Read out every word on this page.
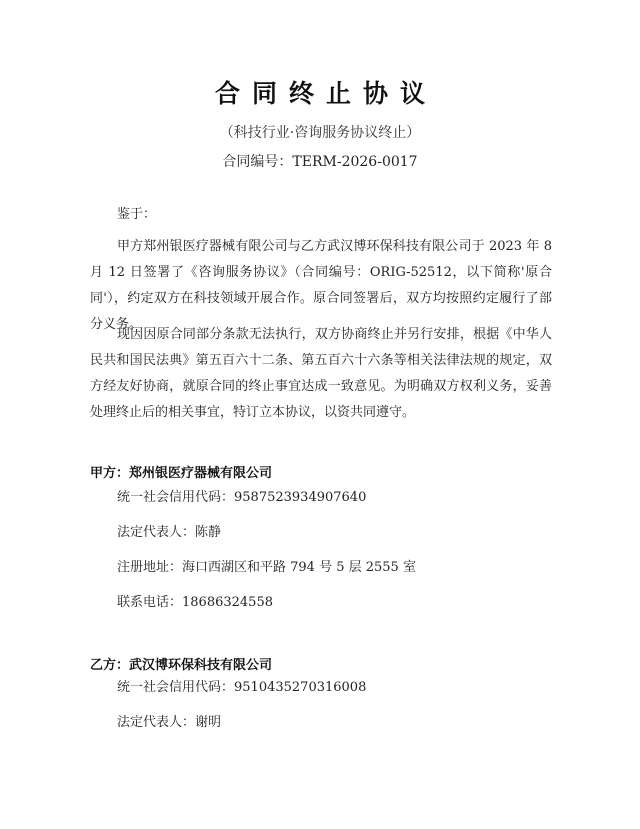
合同终止协议
（科技行业·咨询服务协议终止）
合同编号：TERM-2026-0017
鉴于：
甲方郑州银医疗器械有限公司与乙方武汉博环保科技有限公司于 2023 年 8 月 12 日签署了《咨询服务协议》（合同编号：ORIG-52512，以下简称'原合同'），约定双方在科技领域开展合作。原合同签署后，双方均按照约定履行了部分义务。
现因因原合同部分条款无法执行，双方协商终止并另行安排，根据《中华人民共和国民法典》第五百六十二条、第五百六十六条等相关法律法规的规定，双方经友好协商，就原合同的终止事宜达成一致意见。为明确双方权利义务，妥善处理终止后的相关事宜，特订立本协议，以资共同遵守。
甲方：郑州银医疗器械有限公司
统一社会信用代码：9587523934907640
法定代表人：陈静
注册地址：海口西湖区和平路 794 号 5 层 2555 室
联系电话：18686324558
乙方：武汉博环保科技有限公司
统一社会信用代码：9510435270316008
法定代表人：谢明
